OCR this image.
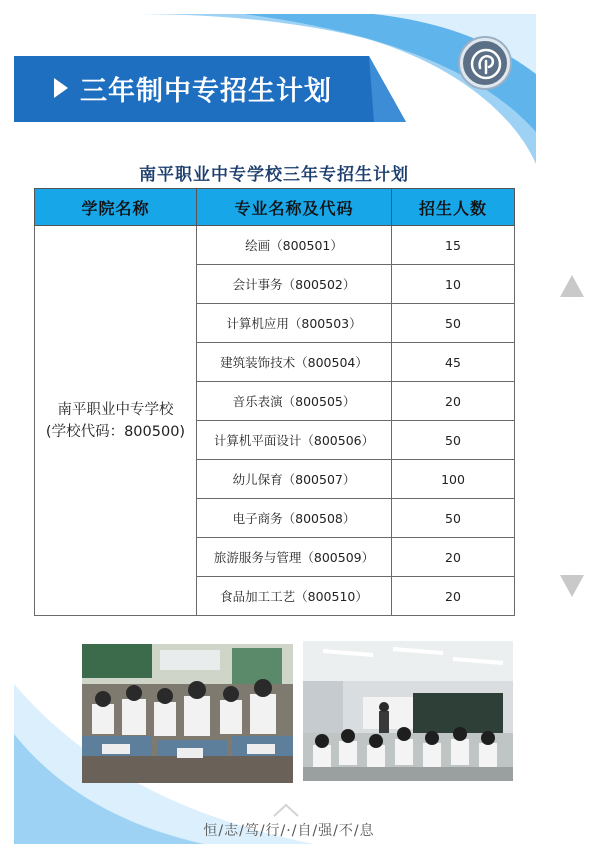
三年制中专招生计划
南平职业中专学校三年专招生计划
学院名称	专业名称及代码	招生人数

南平职业中专学校
(学校代码：800500)	绘画（800501）	15
	会计事务（800502）	10
	计算机应用（800503）	50
	建筑装饰技术（800504）	45
	音乐表演（800505）	20
	计算机平面设计（800506）	50
	幼儿保育（800507）	100
	电子商务（800508）	50
	旅游服务与管理（800509）	20
	食品加工工艺（800510）	20
恒/志/笃/行/·/自/强/不/息
